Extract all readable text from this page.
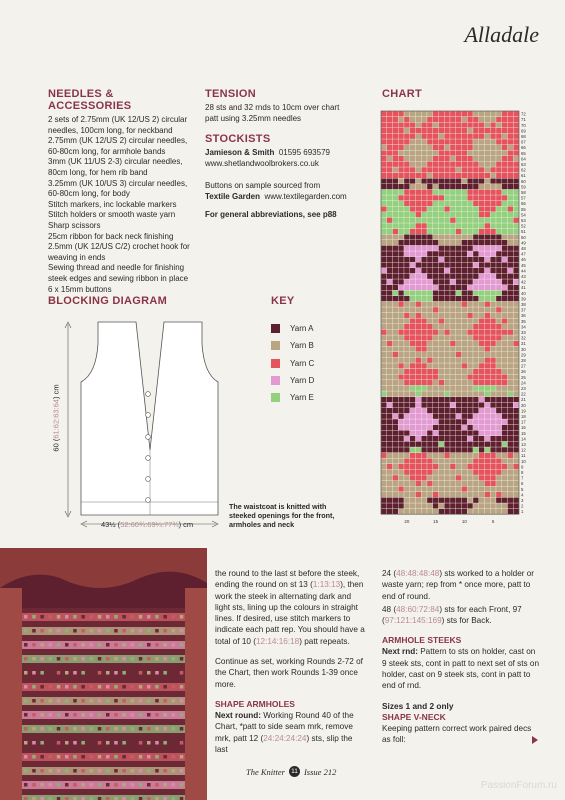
Alladale
NEEDLES & ACCESSORIES
2 sets of 2.75mm (UK 12/US 2) circular
needles, 100cm long, for neckband
2.75mm (UK 12/US 2) circular needles,
60-80cm long, for armhole bands
3mm (UK 11/US 2-3) circular needles,
80cm long, for hem rib band
3.25mm (UK 10/US 3) circular needles,
60-80cm long, for body
Stitch markers, inc lockable markers
Stitch holders or smooth waste yarn
Sharp scissors
25cm ribbon for back neck finishing
2.5mm (UK 12/US C/2) crochet hook for
weaving in ends
Sewing thread and needle for finishing
steek edges and sewing ribbon in place
6 x 15mm buttons
TENSION
28 sts and 32 rnds to 10cm over chart
patt using 3.25mm needles
STOCKISTS
Jamieson & Smith 01595 693579
www.shetlandwoolbrokers.co.uk
Buttons on sample sourced from
Textile Garden www.textilegarden.com
For general abbreviations, see p88
CHART
1
2
3
4
5
6
7
8
9
10
11
12
13
14
15
16
17
18
19
20
21
22
23
24
25
26
27
28
29
30
31
32
33
34
35
36
37
38
39
40
41
42
43
44
45
46
47
48
49
50
51
52
53
54
55
56
57
58
59
60
61
62
63
64
65
66
67
68
69
70
71
72
20	15	10	5
BLOCKING DIAGRAM
60 (61:62:63:64) cm
43½ (52:60¾:69¼:77¾) cm
The waistcoat is knitted with steeked openings for the front, armholes and neck
KEY
Yarn A
Yarn B
Yarn C
Yarn D
Yarn E

the round to the last st before the steek, ending the round on st 13 (1:13:13), then work the steek in alternating dark and light sts, lining up the colours in straight lines. If desired, use stitch markers to indicate each patt rep. You should have a total of 10 (12:14:16:18) patt repeats.

Continue as set, working Rounds 2-72 of the Chart, then work Rounds 1-39 once more.

SHAPE ARMHOLES

Next round: Working Round 40 of the Chart, *patt to side seam mrk, remove mrk, patt 12 (24:24:24:24) sts, slip the last

24 (48:48:48:48) sts worked to a holder or waste yarn; rep from * once more, patt to end of round.

48 (48:60:72:84) sts for each Front, 97 (97:121:145:169) sts for Back.

ARMHOLE STEEKS

Next rnd: Pattern to sts on holder, cast on 9 steek sts, cont in patt to next set of sts on holder, cast on 9 steek sts, cont in patt to end of rnd.

Sizes 1 and 2 only
SHAPE V-NECK

Keeping pattern correct work paired decs as foll:

The Knitter 11 Issue 212
PassionForum.ru
